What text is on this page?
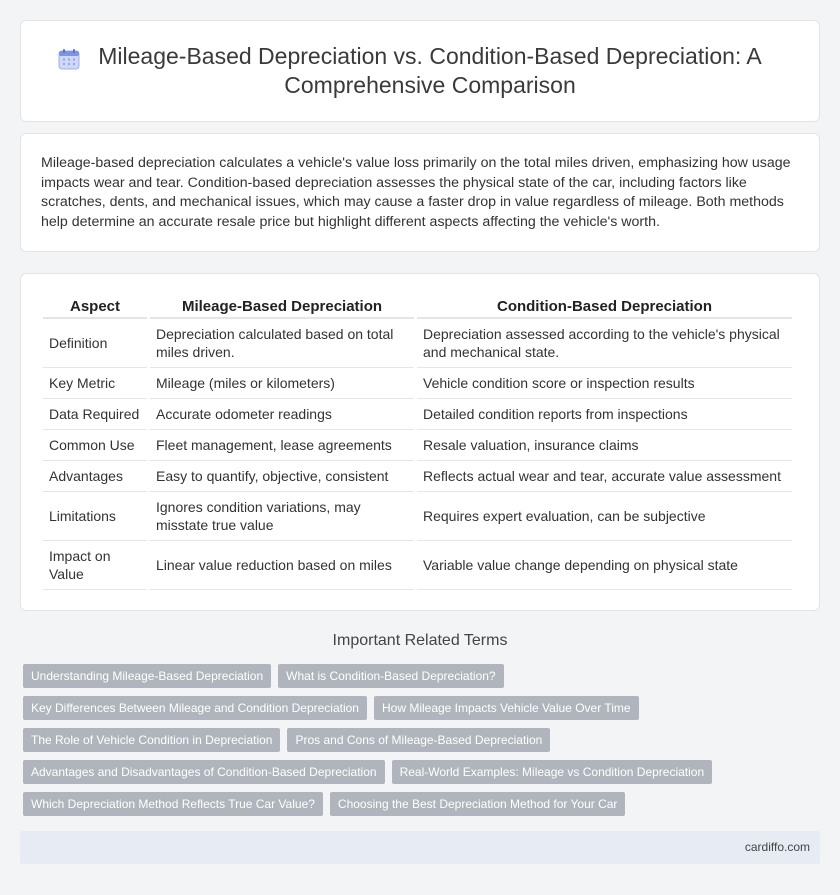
Mileage-Based Depreciation vs. Condition-Based Depreciation: A Comprehensive Comparison

Mileage-based depreciation calculates a vehicle's value loss primarily on the total miles driven, emphasizing how usage impacts wear and tear. Condition-based depreciation assesses the physical state of the car, including factors like scratches, dents, and mechanical issues, which may cause a faster drop in value regardless of mileage. Both methods help determine an accurate resale price but highlight different aspects affecting the vehicle's worth.

Aspect	Mileage-Based Depreciation	Condition-Based Depreciation
Definition	Depreciation calculated based on total miles driven.	Depreciation assessed according to the vehicle's physical and mechanical state.
Key Metric	Mileage (miles or kilometers)	Vehicle condition score or inspection results
Data Required	Accurate odometer readings	Detailed condition reports from inspections
Common Use	Fleet management, lease agreements	Resale valuation, insurance claims
Advantages	Easy to quantify, objective, consistent	Reflects actual wear and tear, accurate value assessment
Limitations	Ignores condition variations, may misstate true value	Requires expert evaluation, can be subjective
Impact on Value	Linear value reduction based on miles	Variable value change depending on physical state
Important Related Terms
Understanding Mileage-Based Depreciation	What is Condition-Based Depreciation?
Key Differences Between Mileage and Condition Depreciation	How Mileage Impacts Vehicle Value Over Time
The Role of Vehicle Condition in Depreciation	Pros and Cons of Mileage-Based Depreciation
Advantages and Disadvantages of Condition-Based Depreciation	Real-World Examples: Mileage vs Condition Depreciation
Which Depreciation Method Reflects True Car Value?	Choosing the Best Depreciation Method for Your Car
cardiffo.com
